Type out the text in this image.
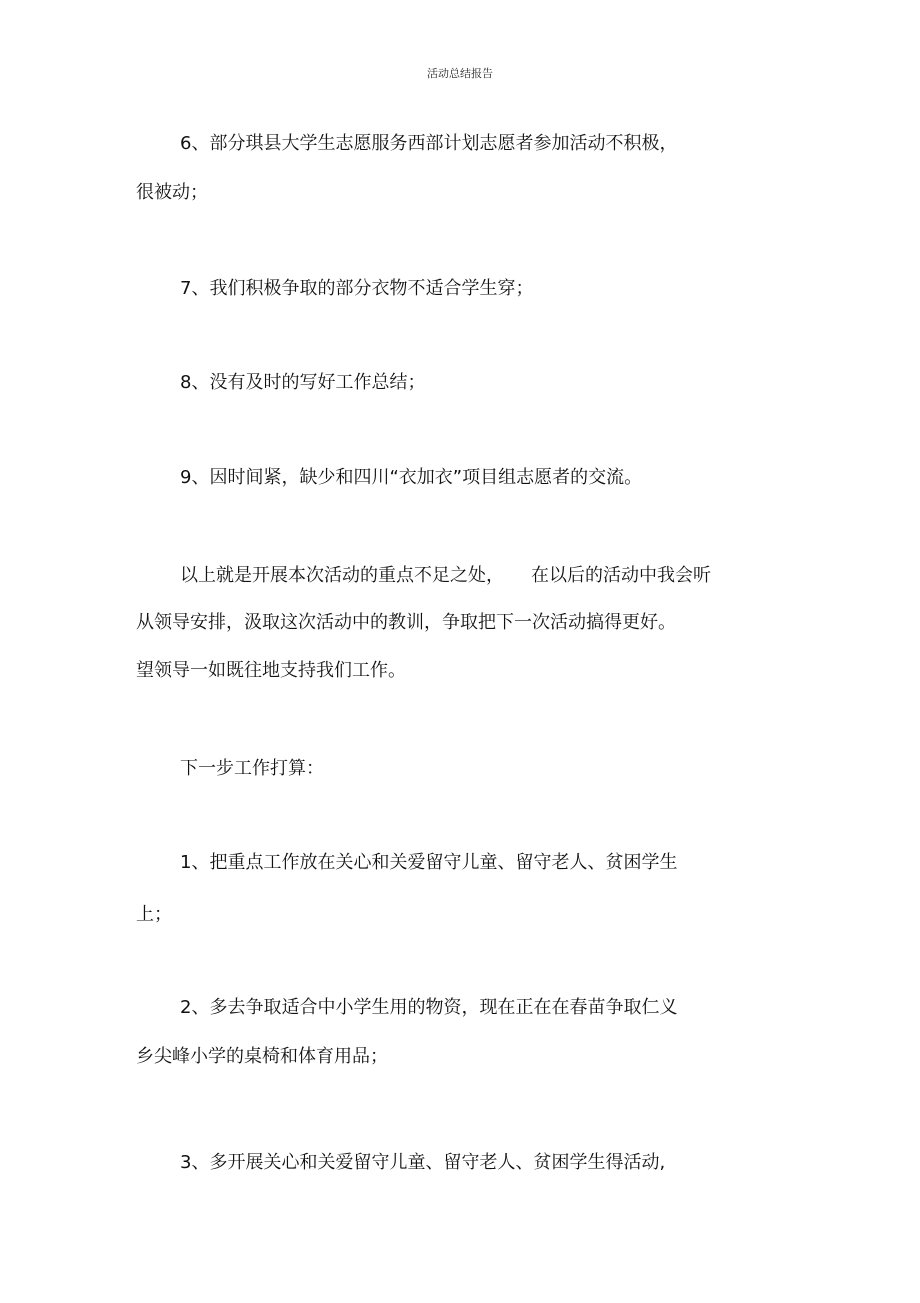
活动总结报告
6、部分琪县大学生志愿服务西部计划志愿者参加活动不积极，
很被动；
7、我们积极争取的部分衣物不适合学生穿；
8、没有及时的写好工作总结；
9、因时间紧，缺少和四川“衣加衣”项目组志愿者的交流。
以上就是开展本次活动的重点不足之处，　　在以后的活动中我会听
从领导安排，汲取这次活动中的教训，争取把下一次活动搞得更好。
望领导一如既往地支持我们工作。
下一步工作打算：
1、把重点工作放在关心和关爱留守儿童、留守老人、贫困学生
上；
2、多去争取适合中小学生用的物资，现在正在在春苗争取仁义
乡尖峰小学的桌椅和体育用品；
3、多开展关心和关爱留守儿童、留守老人、贫困学生得活动,
